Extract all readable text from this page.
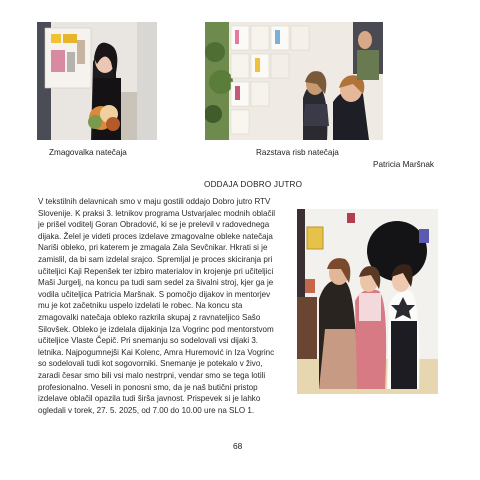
Zmagovalka natečaja	Razstava risb natečaja
Patricia Maršnak
ODDAJA DOBRO JUTRO
V tekstilnih delavnicah smo v maju gostili oddajo Dobro jutro RTV
Slovenije. K praksi 3. letnikov programa Ustvarjalec modnih oblačil
je prišel voditelj Goran Obradović, ki se je prelevil v radovednega
dijaka. Želel je videti proces izdelave zmagovalne obleke natečaja
Nariši obleko, pri katerem je zmagala Zala Sevčnikar. Hkrati si je
zamislil, da bi sam izdelal srajco. Spremljal je proces skiciranja pri
učiteljici Kaji Repenšek ter izbiro materialov in krojenje pri učiteljici
Maši Jurgelj, na koncu pa tudi sam sedel za šivalni stroj, kjer ga je
vodila učiteljica Patricia Maršnak. S pomočjo dijakov in mentorjev
mu je kot začetniku uspelo izdelati le robec. Na koncu sta
zmagovalki natečaja obleko razkrila skupaj z ravnateljico Sašo
Silovšek. Obleko je izdelala dijakinja Iza Vogrinc pod mentorstvom
učiteljice Vlaste Čepič. Pri snemanju so sodelovali vsi dijaki 3.
letnika. Najpogumnejši Kai Kolenc, Amra Huremović in Iza Vogrinc
so sodelovali tudi kot sogovorniki. Snemanje je potekalo v živo,
zaradi česar smo bili vsi malo nestrpni, vendar smo se tega lotili
profesionalno. Veseli in ponosni smo, da je naš butični pristop
izdelave oblačil opazila tudi širša javnost. Prispevek si je lahko
ogledali v torek, 27. 5. 2025, od 7.00 do 10.00 ure na SLO 1.
68
